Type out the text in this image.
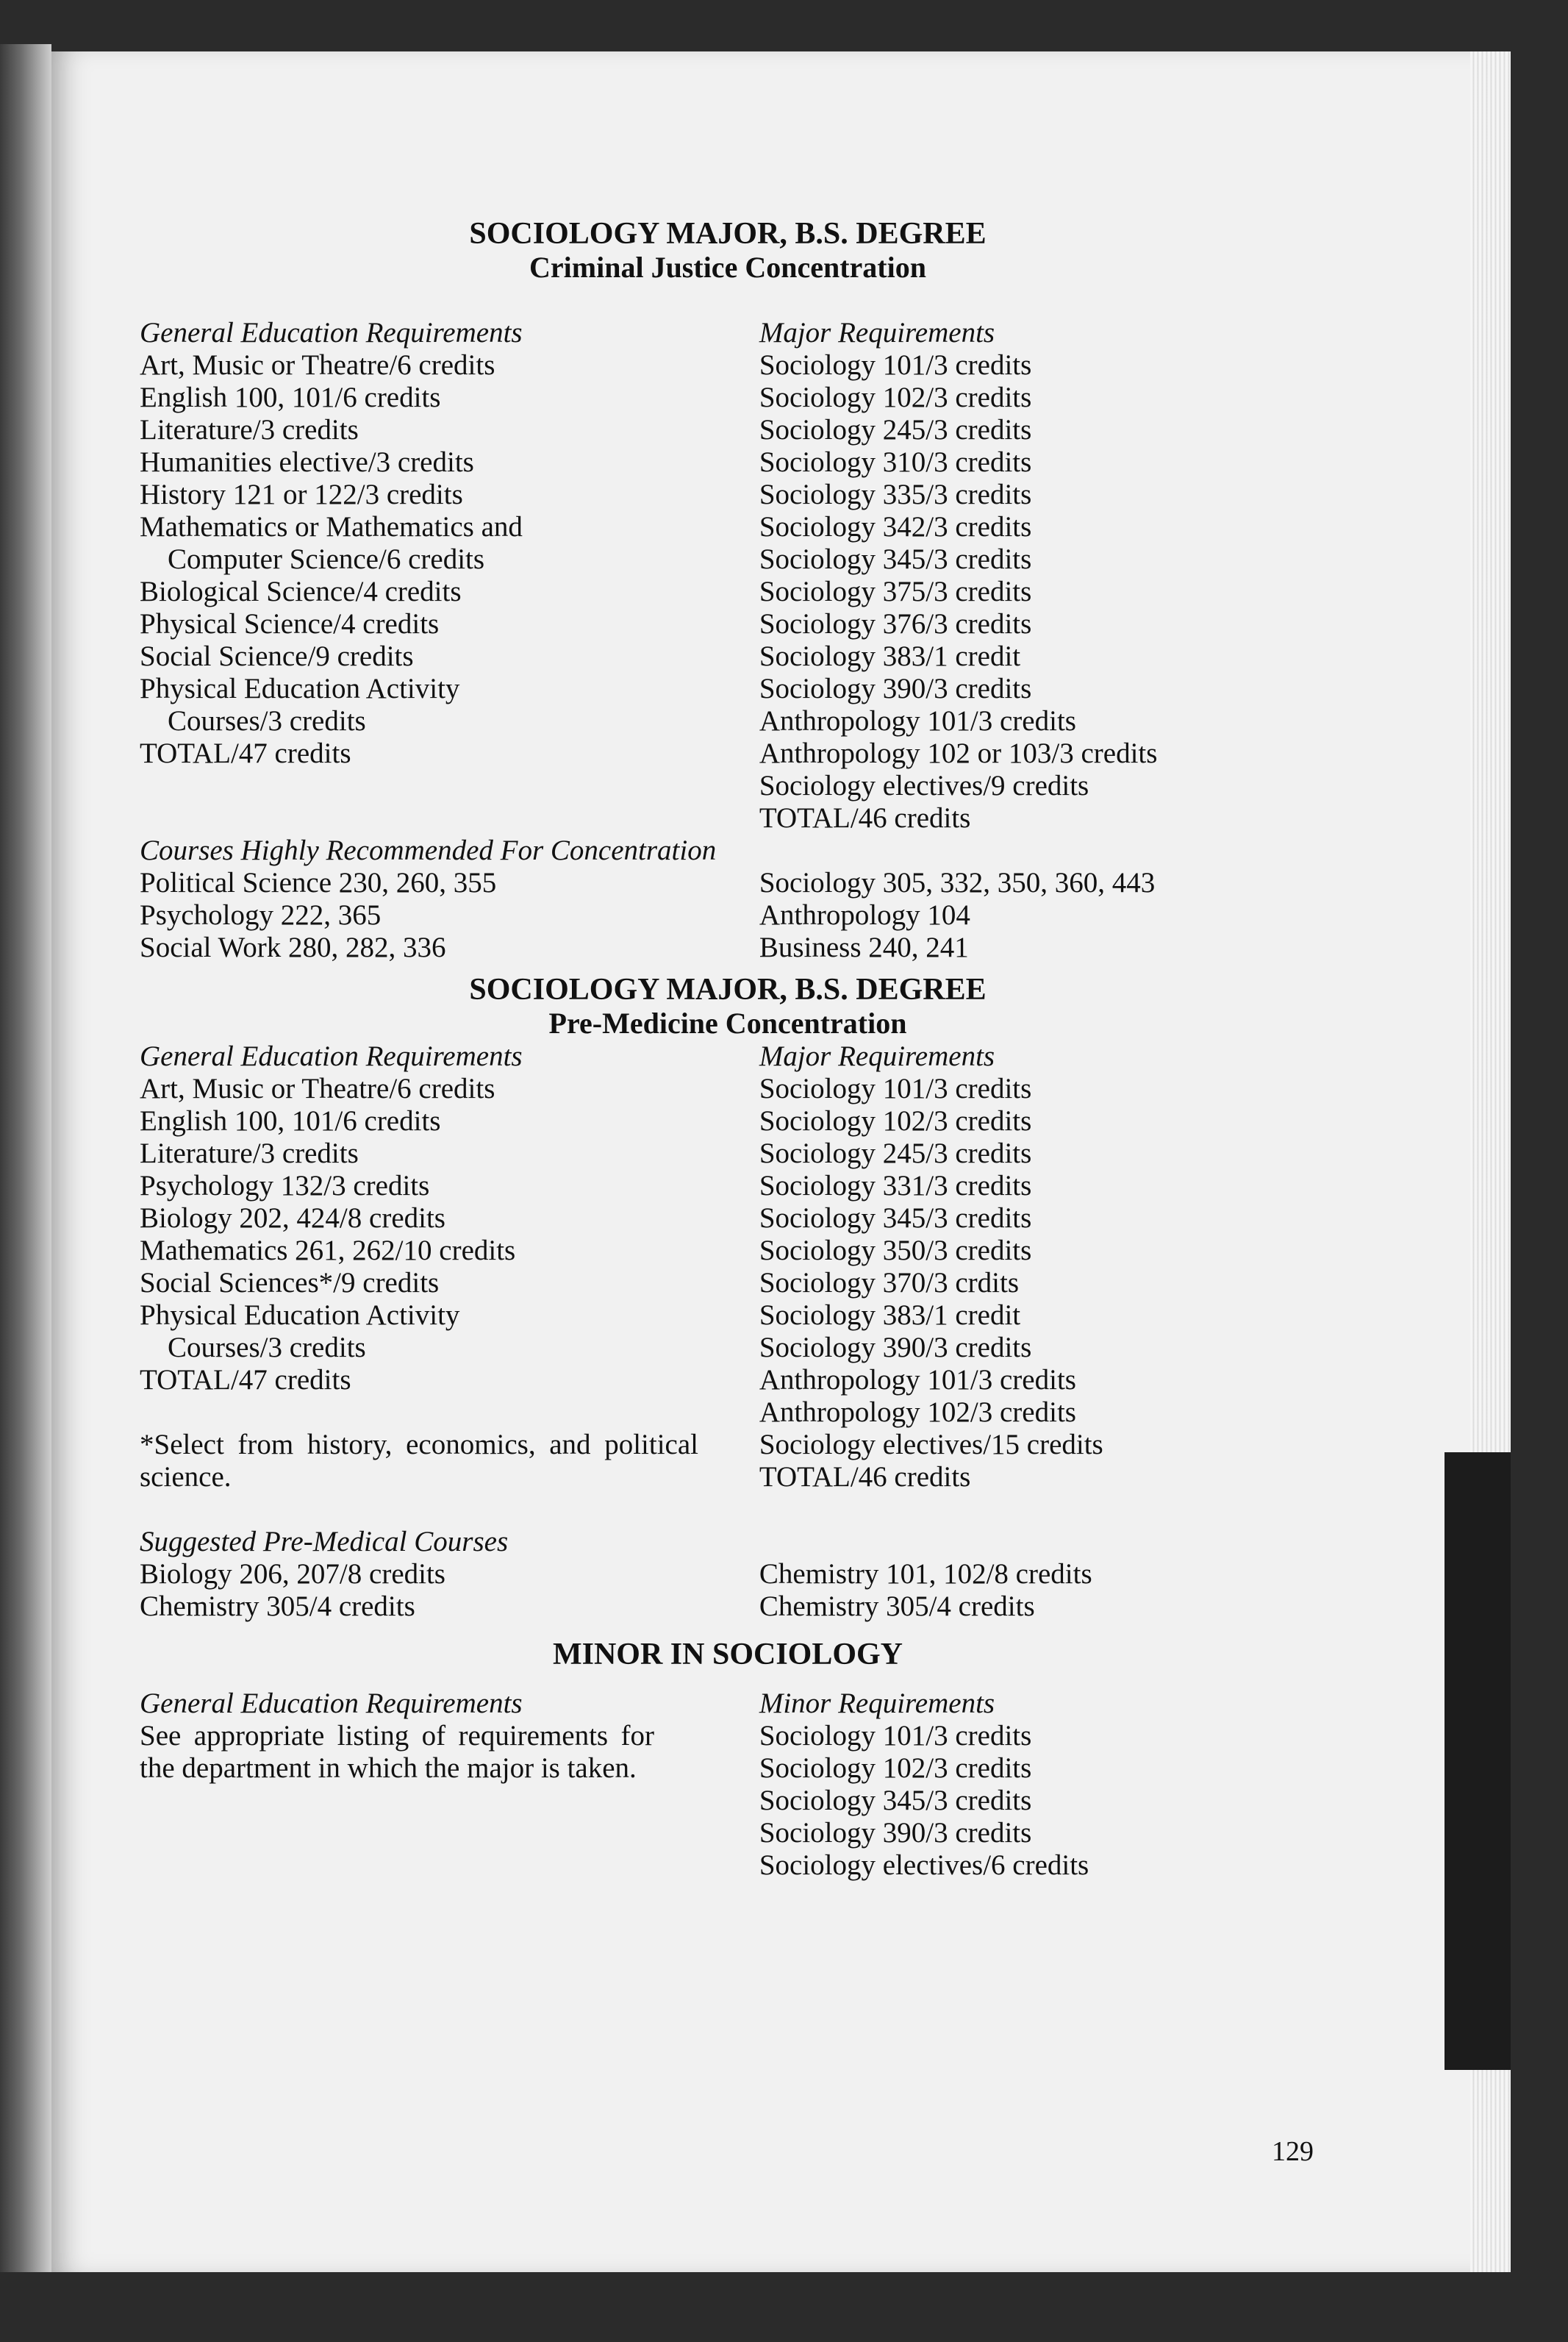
SOCIOLOGY MAJOR, B.S. DEGREE
Criminal Justice Concentration
General Education Requirements
Art, Music or Theatre/6 credits
English 100, 101/6 credits
Literature/3 credits
Humanities elective/3 credits
History 121 or 122/3 credits
Mathematics or Mathematics and
Computer Science/6 credits
Biological Science/4 credits
Physical Science/4 credits
Social Science/9 credits
Physical Education Activity
Courses/3 credits
TOTAL/47 credits
Major Requirements
Sociology 101/3 credits
Sociology 102/3 credits
Sociology 245/3 credits
Sociology 310/3 credits
Sociology 335/3 credits
Sociology 342/3 credits
Sociology 345/3 credits
Sociology 375/3 credits
Sociology 376/3 credits
Sociology 383/1 credit
Sociology 390/3 credits
Anthropology 101/3 credits
Anthropology 102 or 103/3 credits
Sociology electives/9 credits
TOTAL/46 credits
Courses Highly Recommended For Concentration
Political Science 230, 260, 355
Psychology 222, 365
Social Work 280, 282, 336

Sociology 305, 332, 350, 360, 443
Anthropology 104
Business 240, 241
SOCIOLOGY MAJOR, B.S. DEGREE
Pre-Medicine Concentration
General Education Requirements
Art, Music or Theatre/6 credits
English 100, 101/6 credits
Literature/3 credits
Psychology 132/3 credits
Biology 202, 424/8 credits
Mathematics 261, 262/10 credits
Social Sciences*/9 credits
Physical Education Activity
Courses/3 credits
TOTAL/47 credits
*Select from history, economics, and political science.
Major Requirements
Sociology 101/3 credits
Sociology 102/3 credits
Sociology 245/3 credits
Sociology 331/3 credits
Sociology 345/3 credits
Sociology 350/3 credits
Sociology 370/3 crdits
Sociology 383/1 credit
Sociology 390/3 credits
Anthropology 101/3 credits
Anthropology 102/3 credits
Sociology electives/15 credits
TOTAL/46 credits
Suggested Pre-Medical Courses
Biology 206, 207/8 credits
Chemistry 305/4 credits

Chemistry 101, 102/8 credits
Chemistry 305/4 credits
MINOR IN SOCIOLOGY
General Education Requirements
See appropriate listing of requirements for the department in which the major is taken.
Minor Requirements
Sociology 101/3 credits
Sociology 102/3 credits
Sociology 345/3 credits
Sociology 390/3 credits
Sociology electives/6 credits
129
